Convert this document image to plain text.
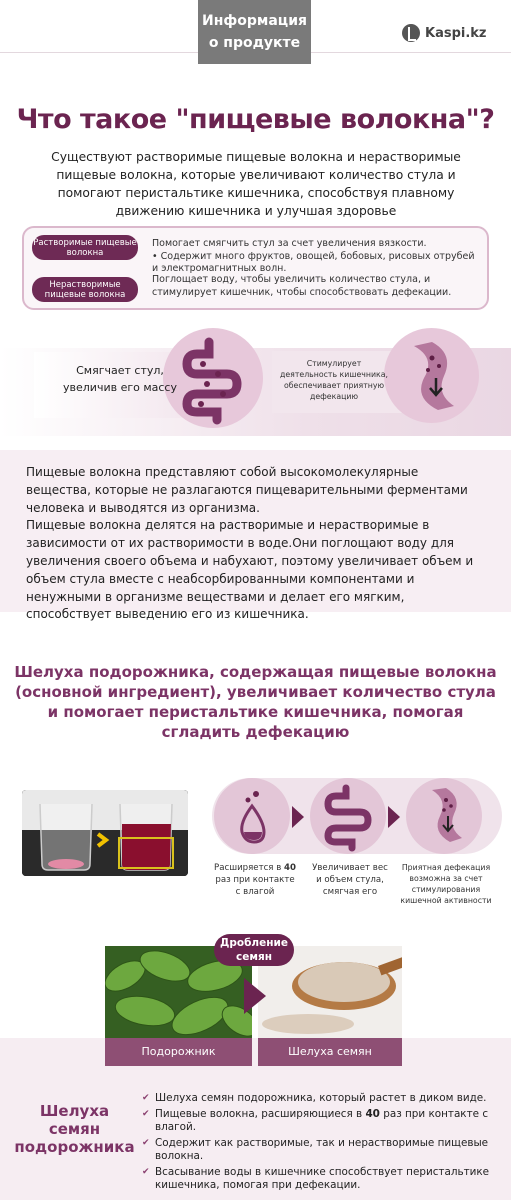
Информация о продукте
Kaspi.kz
Что такое "пищевые волокна"?
Существуют растворимые пищевые волокна и нерастворимые пищевые волокна, которые увеличивают количество стула и помогают перистальтике кишечника, способствуя плавному движению кишечника и улучшая здоровье
Растворимые пищевые волокна
Помогает смягчить стул за счет увеличения вязкости.
• Содержит много фруктов, овощей, бобовых, рисовых отрубей и электромагнитных волн.
Нерастворимые пищевые волокна
Поглощает воду, чтобы увеличить количество стула, и стимулирует кишечник, чтобы способствовать дефекации.
Смягчает стул, увеличив его массу
Стимулирует деятельность кишечника, обеспечивает приятную дефекацию
Пищевые волокна представляют собой высокомолекулярные вещества, которые не разлагаются пищеварительными ферментами человека и выводятся из организма.
Пищевые волокна делятся на растворимые и нерастворимые в зависимости от их растворимости в воде.Они поглощают воду для увеличения своего объема и набухают, поэтому увеличивает объем и объем стула вместе с неабсорбированными компонентами и ненужными в организме веществами и делает его мягким, способствует выведению его из кишечника.
Шелуха подорожника, содержащая пищевые волокна (основной ингредиент), увеличивает количество стула и помогает перистальтике кишечника, помогая сгладить дефекацию
Расширяется в 40 раз при контакте с влагой
Увеличивает вес и объем стула, смягчая его
Приятная дефекация возможна за счет стимулирования кишечной активности
Дробление семян
Подорожник	Шелуха семян
Шелуха семян подорожника
✔ Шелуха семян подорожника, который растет в диком виде.
✔ Пищевые волокна, расширяющиеся в 40 раз при контакте с влагой.
✔ Содержит как растворимые, так и нерастворимые пищевые волокна.
✔ Всасывание воды в кишечнике способствует перистальтике кишечника, помогая при дефекации.
